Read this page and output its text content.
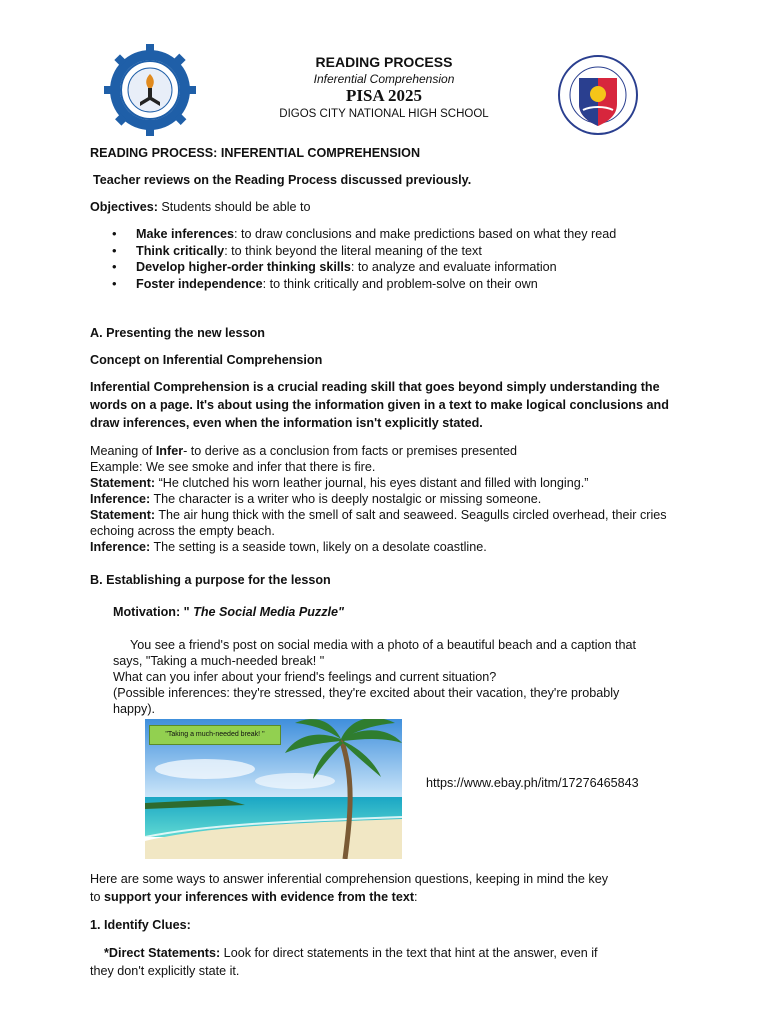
READING PROCESS
Inferential Comprehension
PISA 2025
DIGOS CITY NATIONAL HIGH SCHOOL
READING PROCESS: INFERENTIAL COMPREHENSION
Teacher reviews on the Reading Process discussed previously.
Objectives: Students should be able to
• Make inferences: to draw conclusions and make predictions based on what they read
• Think critically: to think beyond the literal meaning of the text
• Develop higher-order thinking skills: to analyze and evaluate information
• Foster independence: to think critically and problem-solve on their own
A. Presenting the new lesson
Concept on Inferential Comprehension
Inferential Comprehension is a crucial reading skill that goes beyond simply understanding the words on a page. It's about using the information given in a text to make logical conclusions and draw inferences, even when the information isn't explicitly stated.
Meaning of Infer- to derive as a conclusion from facts or premises presented
Example: We see smoke and infer that there is fire.
Statement: “He clutched his worn leather journal, his eyes distant and filled with longing.”
Inference: The character is a writer who is deeply nostalgic or missing someone.
Statement: The air hung thick with the smell of salt and seaweed. Seagulls circled overhead, their cries echoing across the empty beach.
Inference: The setting is a seaside town, likely on a desolate coastline.
B. Establishing a purpose for the lesson
Motivation: " The Social Media Puzzle"
You see a friend's post on social media with a photo of a beautiful beach and a caption that
says, "Taking a much-needed break! "
What can you infer about your friend's feelings and current situation?
(Possible inferences: they're stressed, they're excited about their vacation, they're probably
happy).
"Taking a much-needed break! "
https://www.ebay.ph/itm/17276465843
Here are some ways to answer inferential comprehension questions, keeping in mind the key
to support your inferences with evidence from the text:
1. Identify Clues:
*Direct Statements: Look for direct statements in the text that hint at the answer, even if
they don't explicitly state it.
